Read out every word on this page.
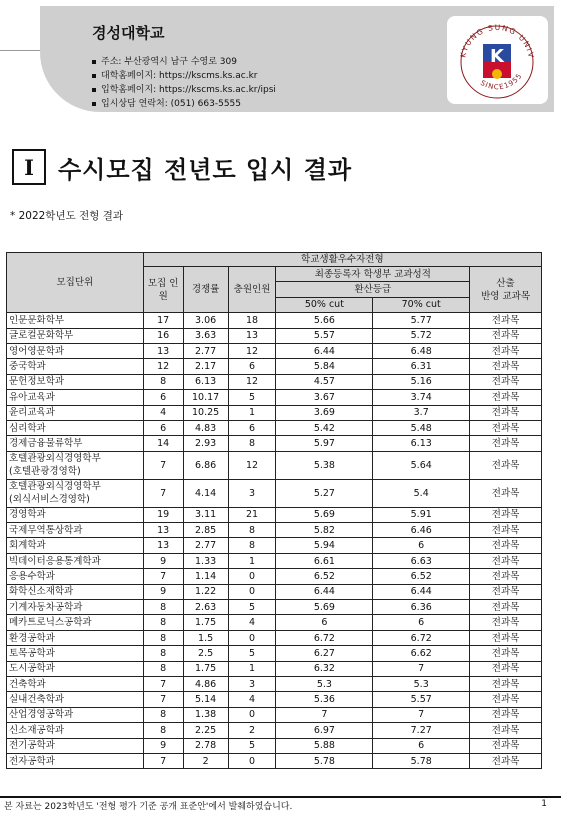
경성대학교
주소: 부산광역시 남구 수영로 309
대학홈페이지: https://kscms.ks.ac.kr
입학홈페이지: https://kscms.ks.ac.kr/ipsi
입시상담 연락처: (051) 663-5555
KYUNG SUNG UNIV
SINCE1955
K
I	수시모집 전년도 입시 결과
* 2022학년도 전형 결과
모집단위	학교생활우수자전형					
	모집 인원	경쟁률	충원인원	최종등록자 학생부 교과성적		산출
반영 교과목
				환산등급		
				50% cut	70% cut	
인문문화학부	17	3.06	18	5.66	5.77	전과목
글로컬문화학부	16	3.63	13	5.57	5.72	전과목
영어영문학과	13	2.77	12	6.44	6.48	전과목
중국학과	12	2.17	6	5.84	6.31	전과목
문헌정보학과	8	6.13	12	4.57	5.16	전과목
유아교육과	6	10.17	5	3.67	3.74	전과목
윤리교육과	4	10.25	1	3.69	3.7	전과목
심리학과	6	4.83	6	5.42	5.48	전과목
경제금융물류학부	14	2.93	8	5.97	6.13	전과목
호텔관광외식경영학부
(호텔관광경영학)	7	6.86	12	5.38	5.64	전과목
호텔관광외식경영학부
(외식서비스경영학)	7	4.14	3	5.27	5.4	전과목
경영학과	19	3.11	21	5.69	5.91	전과목
국제무역통상학과	13	2.85	8	5.82	6.46	전과목
회계학과	13	2.77	8	5.94	6	전과목
빅데이터응용통계학과	9	1.33	1	6.61	6.63	전과목
응용수학과	7	1.14	0	6.52	6.52	전과목
화학신소재학과	9	1.22	0	6.44	6.44	전과목
기계자동차공학과	8	2.63	5	5.69	6.36	전과목
메카트로닉스공학과	8	1.75	4	6	6	전과목
환경공학과	8	1.5	0	6.72	6.72	전과목
토목공학과	8	2.5	5	6.27	6.62	전과목
도시공학과	8	1.75	1	6.32	7	전과목
건축학과	7	4.86	3	5.3	5.3	전과목
실내건축학과	7	5.14	4	5.36	5.57	전과목
산업경영공학과	8	1.38	0	7	7	전과목
신소재공학과	8	2.25	2	6.97	7.27	전과목
전기공학과	9	2.78	5	5.88	6	전과목
전자공학과	7	2	0	5.78	5.78	전과목
본 자료는 2023학년도 '전형 평가 기준 공개 표준안'에서 발췌하였습니다.	1
